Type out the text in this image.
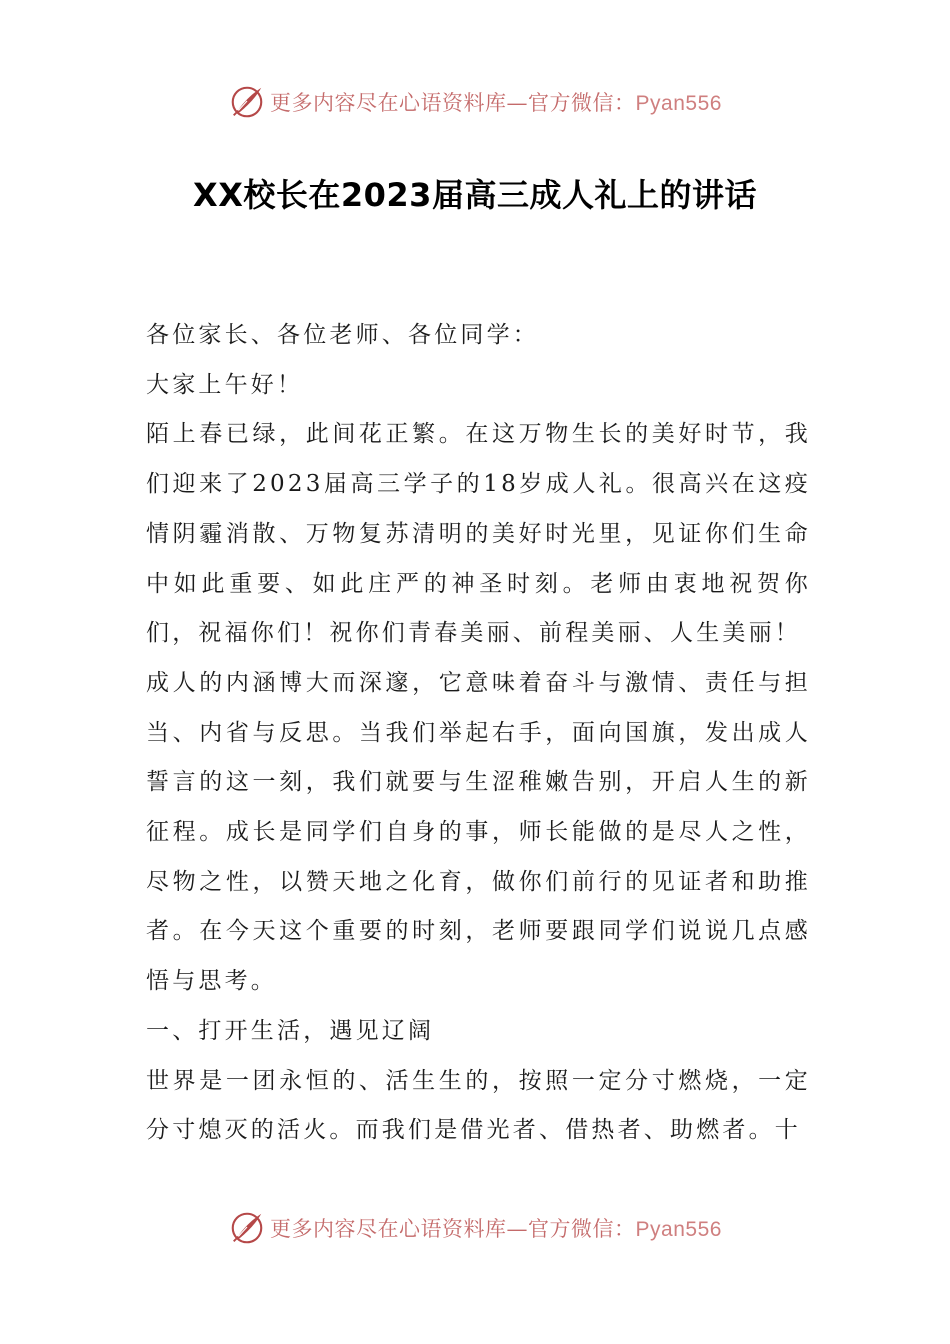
更多内容尽在心语资料库—官方微信：Pyan556
XX校长在2023届高三成人礼上的讲话

各位家长、各位老师、各位同学：

大家上午好！

陌上春已绿，此间花正繁。在这万物生长的美好时节，我们迎来了2023届高三学子的18岁成人礼。很高兴在这疫情阴霾消散、万物复苏清明的美好时光里，见证你们生命中如此重要、如此庄严的神圣时刻。老师由衷地祝贺你们，祝福你们！祝你们青春美丽、前程美丽、人生美丽！

成人的内涵博大而深邃，它意味着奋斗与激情、责任与担当、内省与反思。当我们举起右手，面向国旗，发出成人誓言的这一刻，我们就要与生涩稚嫩告别，开启人生的新征程。成长是同学们自身的事，师长能做的是尽人之性，尽物之性，以赞天地之化育，做你们前行的见证者和助推者。在今天这个重要的时刻，老师要跟同学们说说几点感悟与思考。

一、打开生活，遇见辽阔

世界是一团永恒的、活生生的，按照一定分寸燃烧，一定分寸熄灭的活火。而我们是借光者、借热者、助燃者。十

更多内容尽在心语资料库—官方微信：Pyan556
